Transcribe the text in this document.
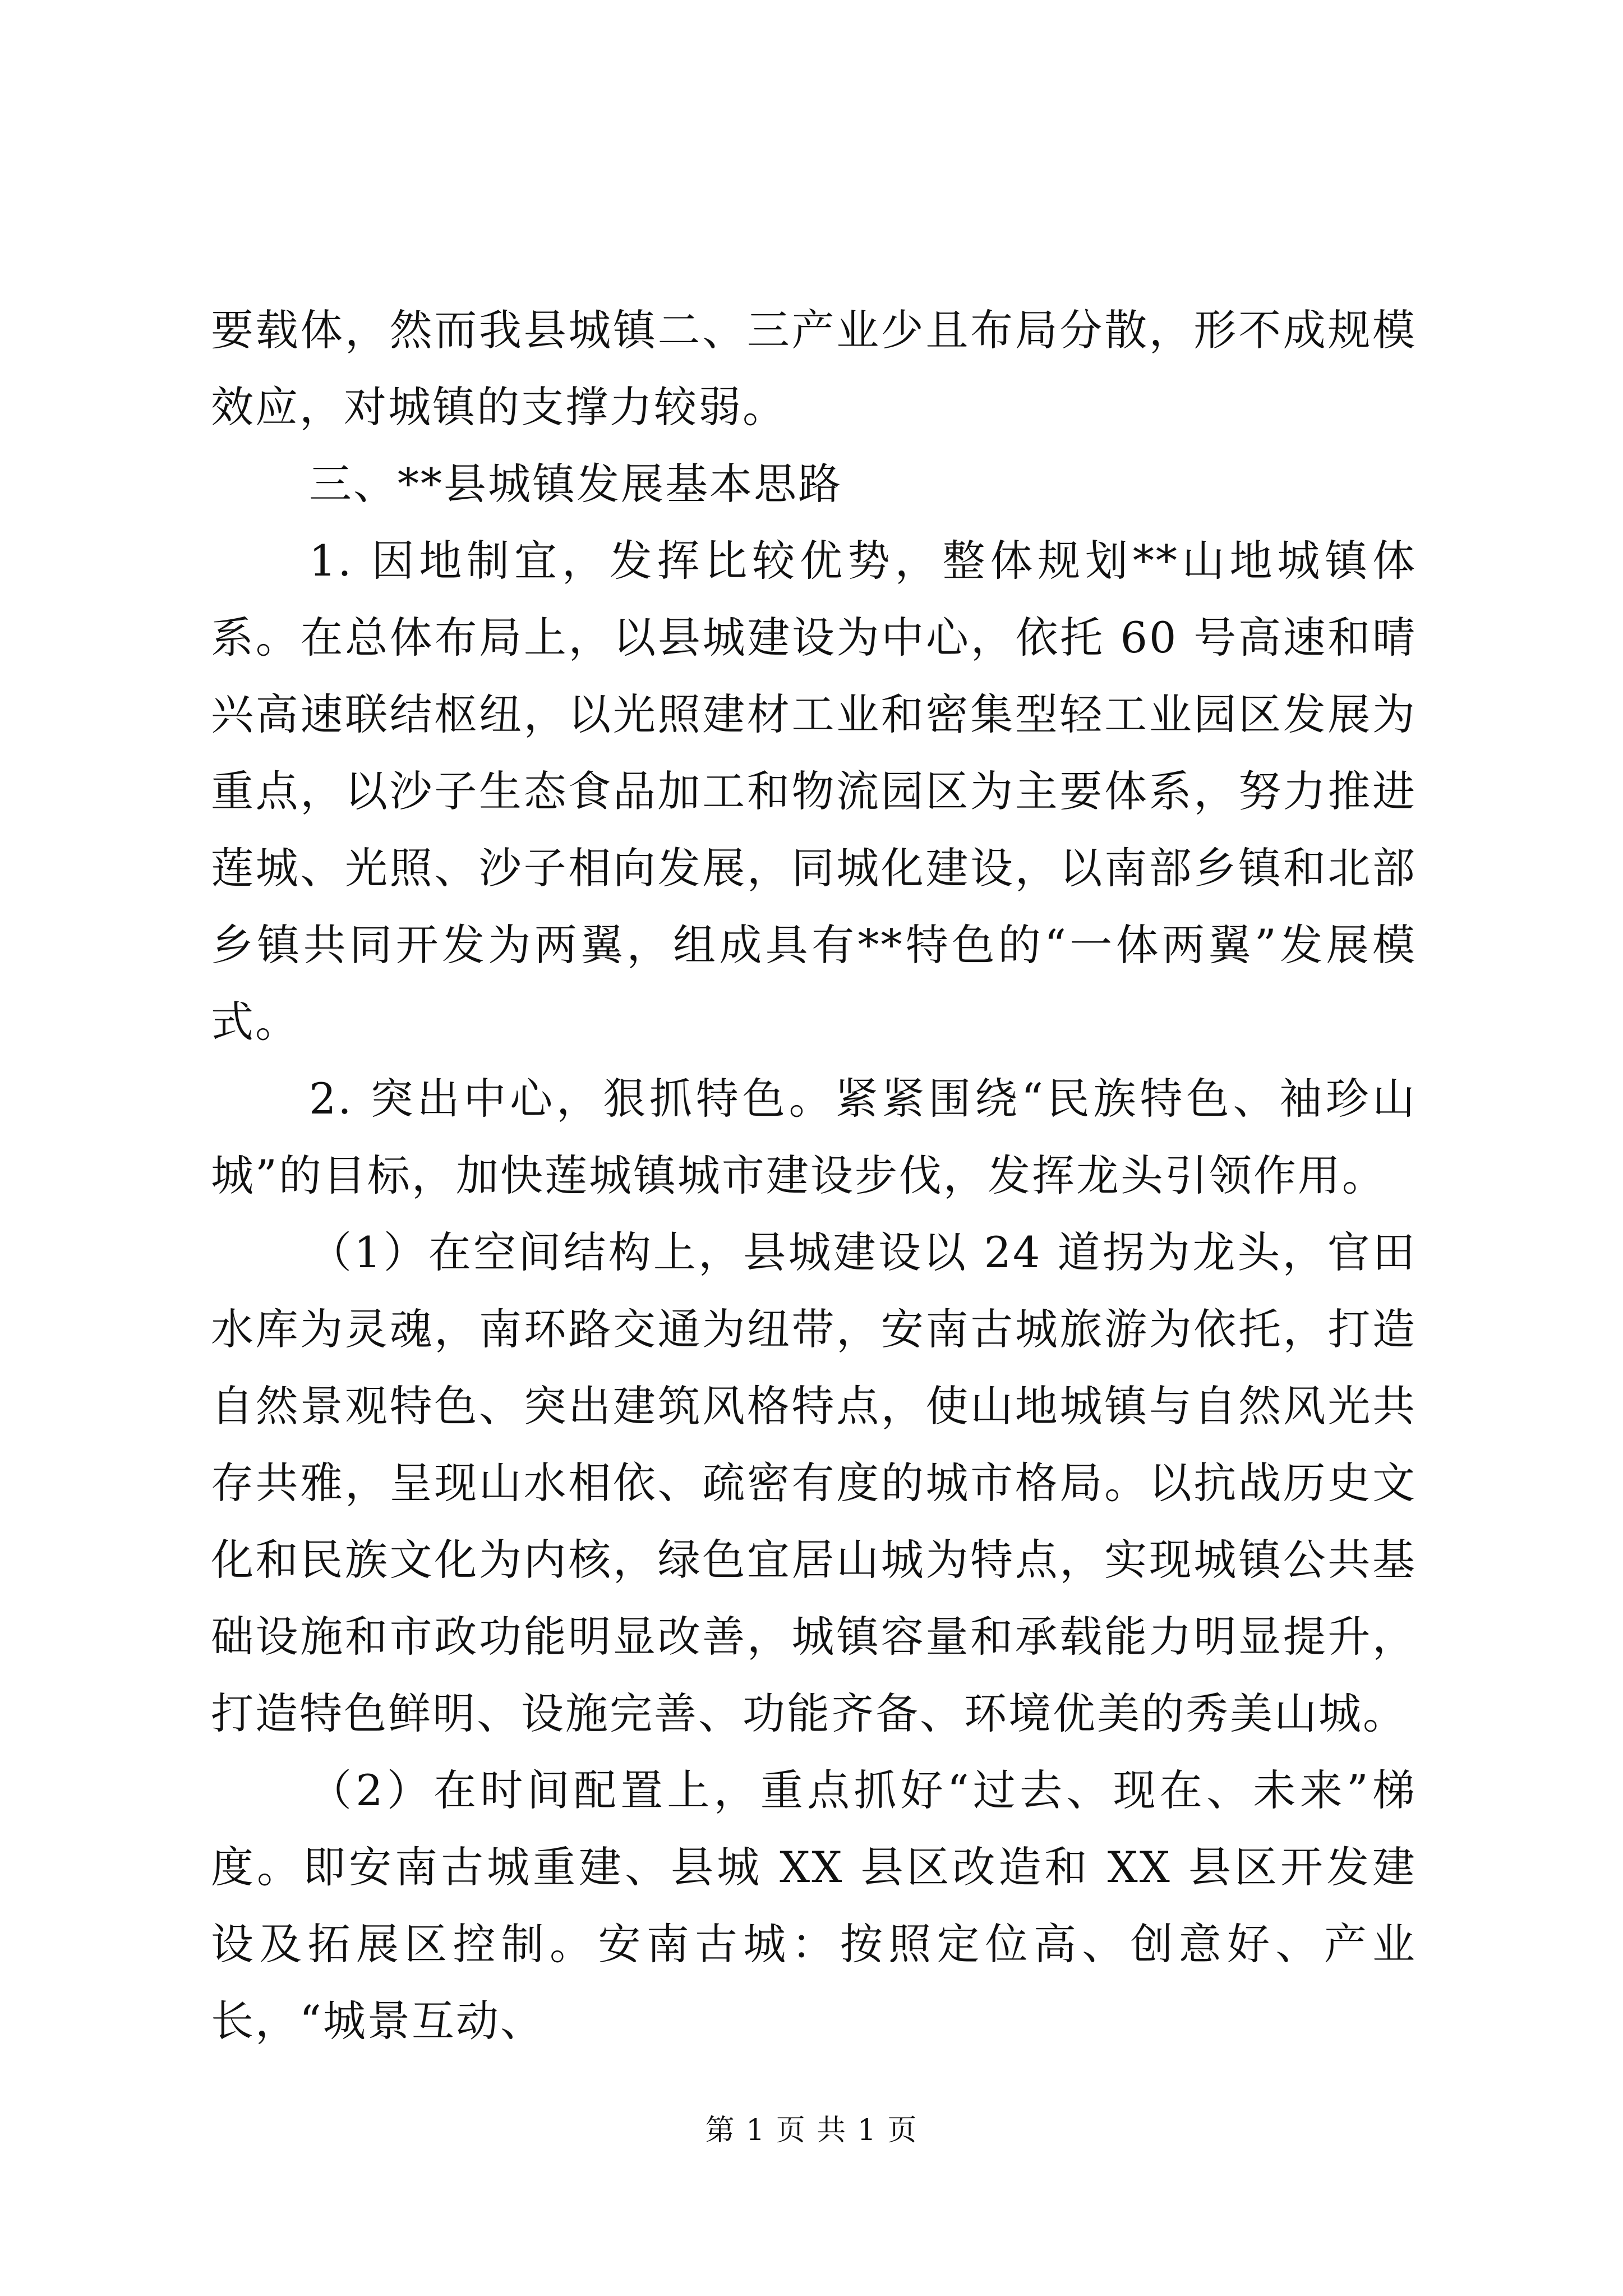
要载体，然而我县城镇二、三产业少且布局分散，形不成规模效应，对城镇的支撑力较弱。

三、**县城镇发展基本思路

1. 因地制宜，发挥比较优势，整体规划**山地城镇体系。在总体布局上，以县城建设为中心，依托 60 号高速和晴兴高速联结枢纽，以光照建材工业和密集型轻工业园区发展为重点，以沙子生态食品加工和物流园区为主要体系，努力推进莲城、光照、沙子相向发展，同城化建设，以南部乡镇和北部乡镇共同开发为两翼，组成具有**特色的“一体两翼”发展模式。

2. 突出中心，狠抓特色。紧紧围绕“民族特色、袖珍山城”的目标，加快莲城镇城市建设步伐，发挥龙头引领作用。

（1）在空间结构上，县城建设以 24 道拐为龙头，官田水库为灵魂，南环路交通为纽带，安南古城旅游为依托，打造自然景观特色、突出建筑风格特点，使山地城镇与自然风光共存共雅，呈现山水相依、疏密有度的城市格局。以抗战历史文化和民族文化为内核，绿色宜居山城为特点，实现城镇公共基础设施和市政功能明显改善，城镇容量和承载能力明显提升，打造特色鲜明、设施完善、功能齐备、环境优美的秀美山城。

（2）在时间配置上，重点抓好“过去、现在、未来”梯度。即安南古城重建、县城 XX 县区改造和 XX 县区开发建设及拓展区控制。安南古城：按照定位高、创意好、产业长，“城景互动、

第 1 页 共 1 页
